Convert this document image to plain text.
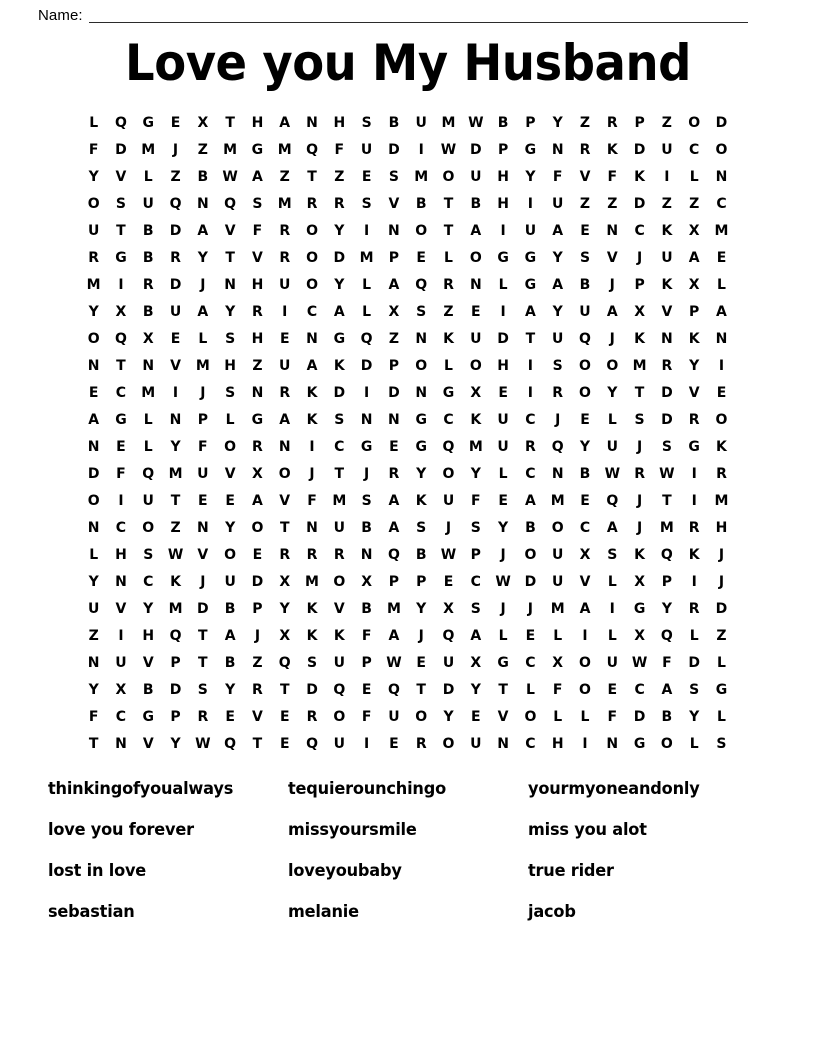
Name:
Love you My Husband
L	Q	G	E	X	T	H	A	N	H	S	B	U	M W	B	P	Y	Z	R	P	Z	O	D
F	D	M	J	Z	M	G	M	Q	F	U	D	I	W D	P	G	N	R	K	D	U	C	O
Y	V	L	Z	B	W	A	Z	T	Z	E	S	M	O	U	H	Y	F	V	F	K	I	L	N
O	S	U	Q	N	Q	S	M	R	R	S	V	B	T	B	H	I	U	Z	Z	D	Z	Z	C
U	T	B	D	A	V	F	R	O	Y	I	N	O	T	A	I	U	A	E	N	C	K	X	M
R	G	B	R	Y	T	V	R	O	D	M	P	E	L	O	G	G	Y	S	V	J	U	A	E
M	I	R	D	J	N	H	U	O	Y	L	A	Q	R	N	L	G	A	B	J	P	K	X	L
Y	X	B	U	A	Y	R	I	C	A	L	X	S	Z	E	I	A	Y	U	A	X	V	P	A
O	Q	X	E	L	S	H	E	N	G	Q	Z	N	K	U	D	T	U	Q	J	K	N	K	N
N	T	N	V	M	H	Z	U	A	K	D	P	O	L	O	H	I	S	O	O	M	R	Y	I
E	C	M	I	J	S	N	R	K	D	I	D	N	G	X	E	I	R	O	Y	T	D	V	E
A	G	L	N	P	L	G	A	K	S	N	N	G	C	K	U	C	J	E	L	S	D	R	O
N	E	L	Y	F	O	R	N	I	C	G	E	G	Q	M	U	R	Q	Y	U	J	S	G	K
D	F	Q	M	U	V	X	O	J	T	J	R	Y	O	Y	L	C	N	B	W	R	W	I	R
O	I	U	T	E	E	A	V	F	M	S	A	K	U	F	E	A	M	E	Q	J	T	I	M
N	C	O	Z	N	Y	O	T	N	U	B	A	S	J	S	Y	B	O	C	A	J	M	R	H
L	H	S	W	V	O	E	R	R	R	N	Q	B	W	P	J	O	U	X	S	K	Q	K	J
Y	N	C	K	J	U	D	X	M	O	X	P	P	E	C	W D	U	V	L	X	P	I	J
U	V	Y	M	D	B	P	Y	K	V	B	M	Y	X	S	J	J	M	A	I	G	Y	R	D
Z	I	H	Q	T	A	J	X	K	K	F	A	J	Q	A	L	E	L	I	L	X	Q	L	Z
N	U	V	P	T	B	Z	Q	S	U	P	W	E	U	X	G	C	X	O	U W	F	D	L
Y	X	B	D	S	Y	R	T	D	Q	E	Q	T	D	Y	T	L	F	O	E	C	A	S	G
F	C	G	P	R	E	V	E	R	O	F	U	O	Y	E	V	O	L	L	F	D	B	Y	L
T	N	V	Y	W Q	T	E	Q	U	I	E	R	O	U	N	C	H	I	N	G	O	L	S
thinkingofyoualways	tequierounchingo	yourmyoneandonly
love you forever	missyoursmile	miss you alot
lost in love	loveyoubaby	true rider
sebastian	melanie	jacob
